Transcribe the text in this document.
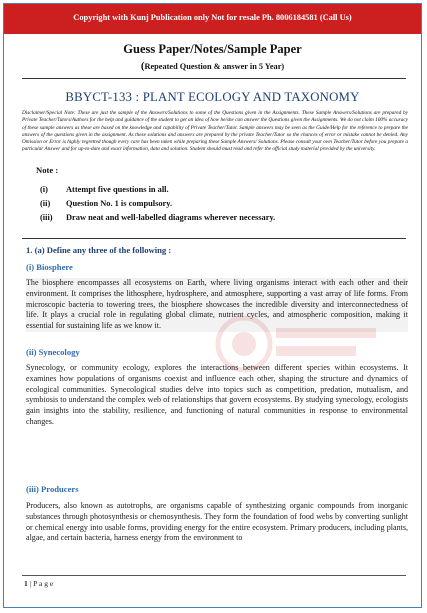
Copyright with Kunj Publication only Not for resale Ph. 8006184581 (Call Us)
Guess Paper/Notes/Sample Paper
(Repeated Question & answer in 5 Year)
BBYCT-133 : PLANT ECOLOGY AND TAXONOMY
Disclaimer/Special Note: These are just the sample of the Answers/Solutions to some of the Questions given in the Assignments. These Sample Answers/Solutions are prepared by Private Teacher/Tutors/Authors for the help and guidance of the student to get an idea of how he/she can answer the Questions given the Assignments. We do not claim 100% accuracy of these sample answers as these are based on the knowledge and capability of Private Teacher/Tutor. Sample answers may be seen as the Guide/Help for the reference to prepare the answers of the questions given in the assignment. As these solutions and answers are prepared by the private Teacher/Tutor so the chances of error or mistake cannot be denied. Any Omission or Error is highly regretted though every care has been taken while preparing these Sample Answers/ Solutions. Please consult your own Teacher/Tutor before you prepare a particular Answer and for up-to-date and exact information, data and solution. Student should must read and refer the official study material provided by the university.
Note :
(i) Attempt five questions in all.
(ii) Question No. 1 is compulsory.
(iii) Draw neat and well-labelled diagrams wherever necessary.
1. (a) Define any three of the following :
(i) Biosphere
The biosphere encompasses all ecosystems on Earth, where living organisms interact with each other and their environment. It comprises the lithosphere, hydrosphere, and atmosphere, supporting a vast array of life forms. From microscopic bacteria to towering trees, the biosphere showcases the incredible diversity and interconnectedness of life. It plays a crucial role in regulating global climate, nutrient cycles, and atmospheric composition, making it essential for sustaining life as we know it.
(ii) Synecology
Synecology, or community ecology, explores the interactions between different species within ecosystems. It examines how populations of organisms coexist and influence each other, shaping the structure and dynamics of ecological communities. Synecological studies delve into topics such as competition, predation, mutualism, and symbiosis to understand the complex web of relationships that govern ecosystems. By studying synecology, ecologists gain insights into the stability, resilience, and functioning of natural communities in response to environmental changes.
(iii) Producers
Producers, also known as autotrophs, are organisms capable of synthesizing organic compounds from inorganic substances through photosynthesis or chemosynthesis. They form the foundation of food webs by converting sunlight or chemical energy into usable forms, providing energy for the entire ecosystem. Primary producers, including plants, algae, and certain bacteria, harness energy from the environment to
1 | P a g e
